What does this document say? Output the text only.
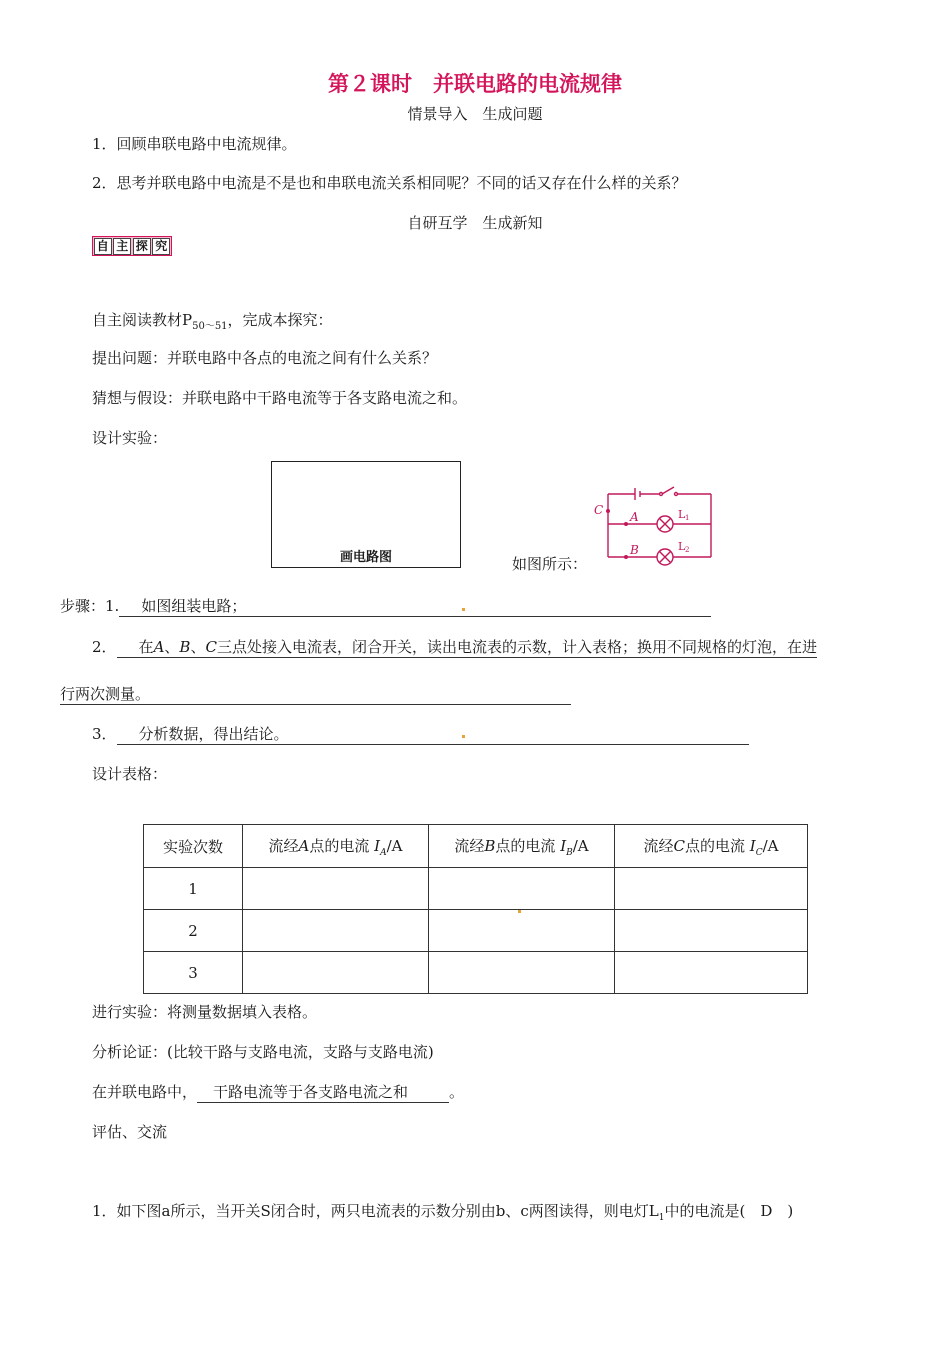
第２课时　并联电路的电流规律
情景导入　生成问题
1．回顾串联电路中电流规律。
2．思考并联电路中电流是不是也和串联电流关系相同呢？不同的话又存在什么样的关系？
自研互学　生成新知
自 主 探 究
自主阅读教材$P_{50\sim 51}$，完成本探究：
提出问题：并联电路中各点的电流之间有什么关系？
猜想与假设：并联电路中干路电流等于各支路电流之和。
设计实验：
画电路图	如图所示：
C A
B
L 1
L 2
步骤：1. 如图组装电路；
2． 在A、B、C三点处接入电流表，闭合开关，读出电流表的示数，计入表格；换用不同规格的灯泡，在进
行两次测量。
3． 分析数据，得出结论。
设计表格：
实验次数	流经A点的电流 $I_A/A$	流经B点的电流 $I_B/A$	流经C点的电流 $I_C/A$
1			
2			
3			
进行实验：将测量数据填入表格。
分析论证：(比较干路与支路电流，支路与支路电流)
在并联电路中， 干路电流等于各支路电流之和	。
评估、交流
1．如下图a所示，当开关S闭合时，两只电流表的示数分别由b、c两图读得，则电灯$L_1$中的电流是(　D　)
